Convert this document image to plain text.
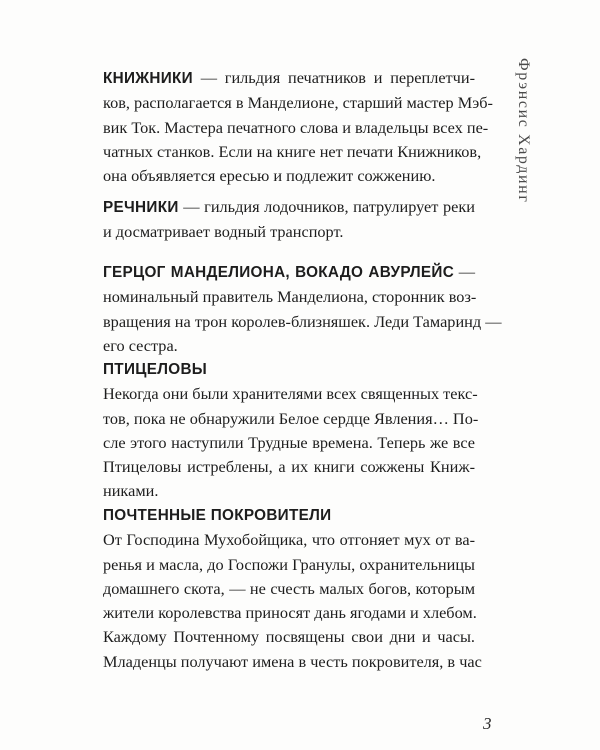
Фрэнсис Хардинг
КНИЖНИКИ — гильдия печатников и переплетчи-
ков, располагается в Манделионе, старший мастер Мэб-
вик Ток. Мастера печатного слова и владельцы всех пе-
чатных станков. Если на книге нет печати Книжников,
она объявляется ересью и подлежит сожжению.
РЕЧНИКИ — гильдия лодочников, патрулирует реки
и досматривает водный транспорт.
ГЕРЦОГ МАНДЕЛИОНА, ВОКАДО АВУРЛЕЙС —
номинальный правитель Манделиона, сторонник воз-
вращения на трон королев-близняшек. Леди Тамаринд —
его сестра.
ПТИЦЕЛОВЫ
Некогда они были хранителями всех священных текс-
тов, пока не обнаружили Белое сердце Явления… По-
сле этого наступили Трудные времена. Теперь же все
Птицеловы истреблены, а их книги сожжены Книж-
никами.
ПОЧТЕННЫЕ ПОКРОВИТЕЛИ
От Господина Мухобойщика, что отгоняет мух от ва-
ренья и масла, до Госпожи Гранулы, охранительницы
домашнего скота, — не счесть малых богов, которым
жители королевства приносят дань ягодами и хлебом.
Каждому Почтенному посвящены свои дни и часы.
Младенцы получают имена в честь покровителя, в час
3
